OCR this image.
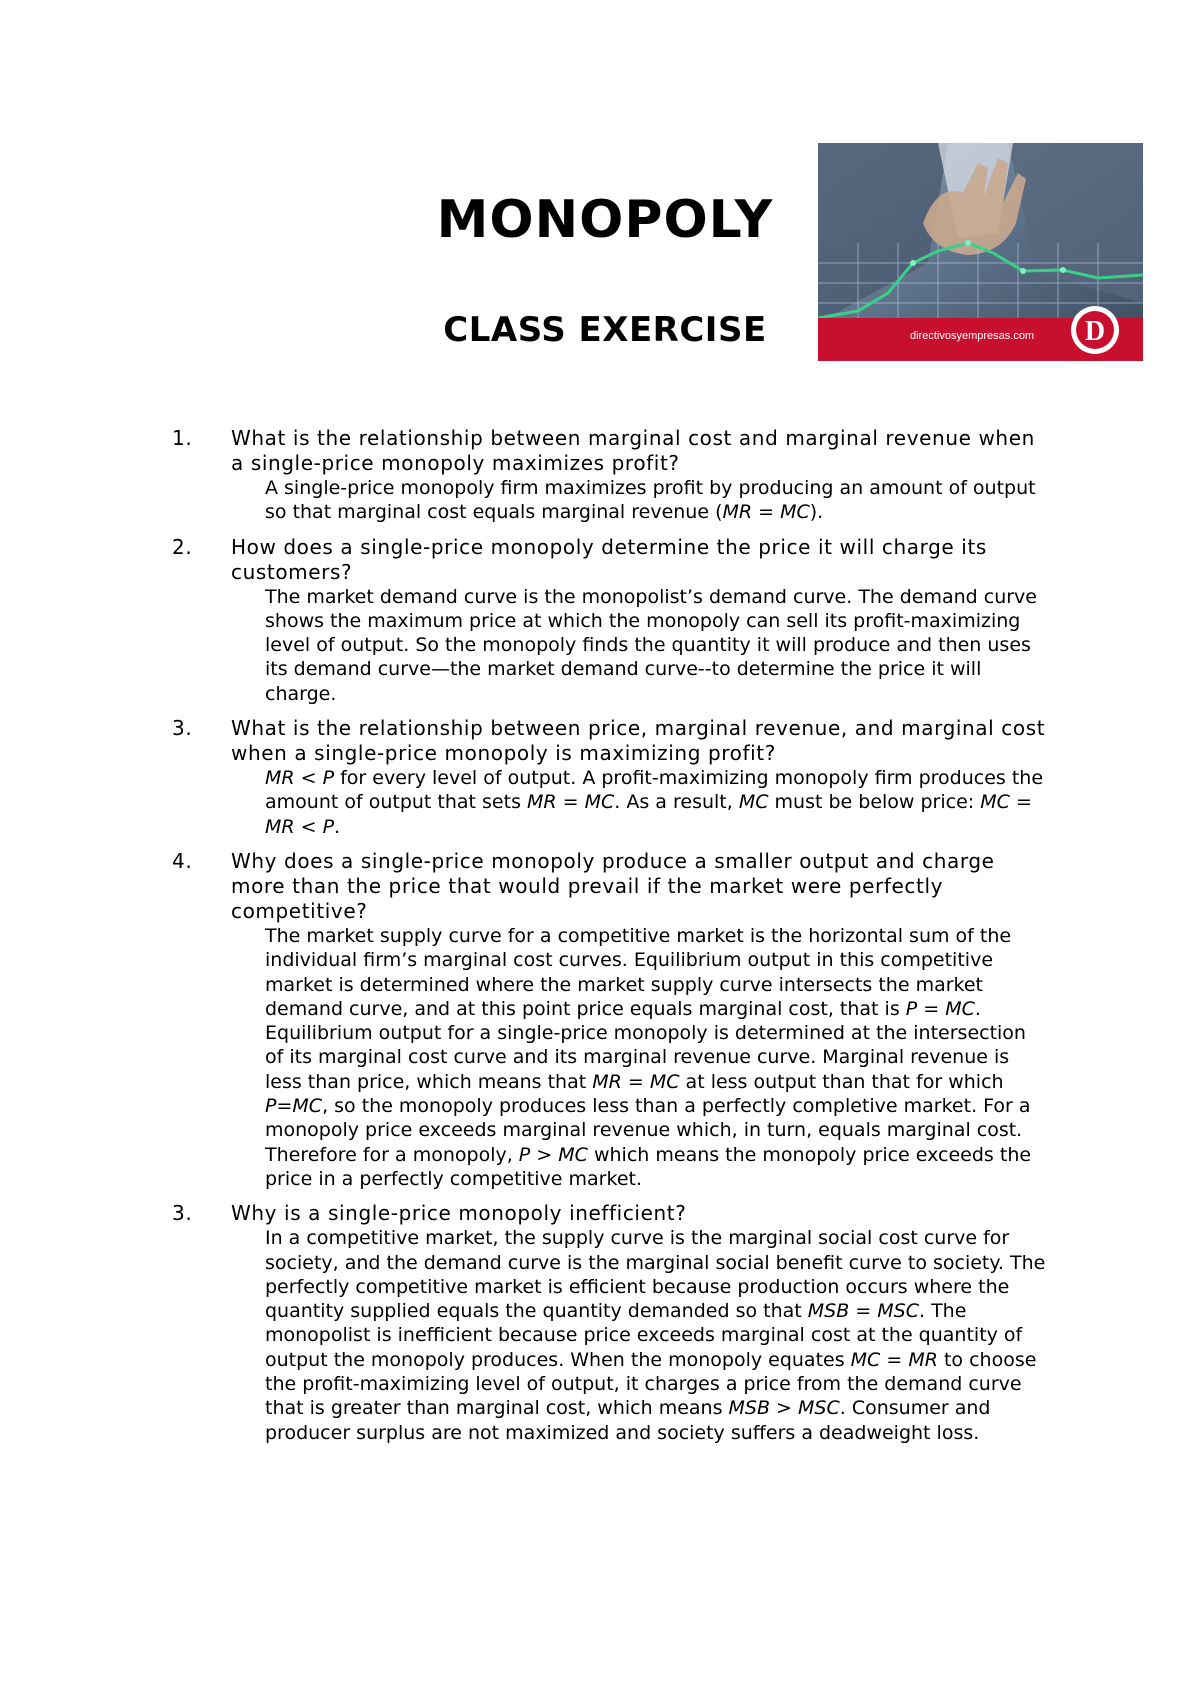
MONOPOLY
CLASS EXERCISE	directivosyempresas.com D
1. What is the relationship between marginal cost and marginal revenue when a single-price monopoly maximizes profit?

A single-price monopoly firm maximizes profit by producing an amount of output so that marginal cost equals marginal revenue (MR = MC).

2. How does a single-price monopoly determine the price it will charge its customers?

The market demand curve is the monopolist’s demand curve. The demand curve shows the maximum price at which the monopoly can sell its profit-maximizing level of output. So the monopoly finds the quantity it will produce and then uses its demand curve—the market demand curve--to determine the price it will charge.

3. What is the relationship between price, marginal revenue, and marginal cost when a single-price monopoly is maximizing profit?

MR < P for every level of output. A profit-maximizing monopoly firm produces the amount of output that sets MR = MC. As a result, MC must be below price: MC = MR < P.

4. Why does a single-price monopoly produce a smaller output and charge more than the price that would prevail if the market were perfectly competitive?

The market supply curve for a competitive market is the horizontal sum of the individual firm’s marginal cost curves. Equilibrium output in this competitive market is determined where the market supply curve intersects the market demand curve, and at this point price equals marginal cost, that is P = MC. Equilibrium output for a single-price monopoly is determined at the intersection of its marginal cost curve and its marginal revenue curve. Marginal revenue is less than price, which means that MR = MC at less output than that for which P=MC, so the monopoly produces less than a perfectly completive market. For a monopoly price exceeds marginal revenue which, in turn, equals marginal cost. Therefore for a monopoly, P > MC which means the monopoly price exceeds the price in a perfectly competitive market.

3. Why is a single-price monopoly inefficient?

In a competitive market, the supply curve is the marginal social cost curve for society, and the demand curve is the marginal social benefit curve to society. The perfectly competitive market is efficient because production occurs where the quantity supplied equals the quantity demanded so that MSB = MSC. The monopolist is inefficient because price exceeds marginal cost at the quantity of output the monopoly produces. When the monopoly equates MC = MR to choose the profit-maximizing level of output, it charges a price from the demand curve that is greater than marginal cost, which means MSB > MSC. Consumer and producer surplus are not maximized and society suffers a deadweight loss.
